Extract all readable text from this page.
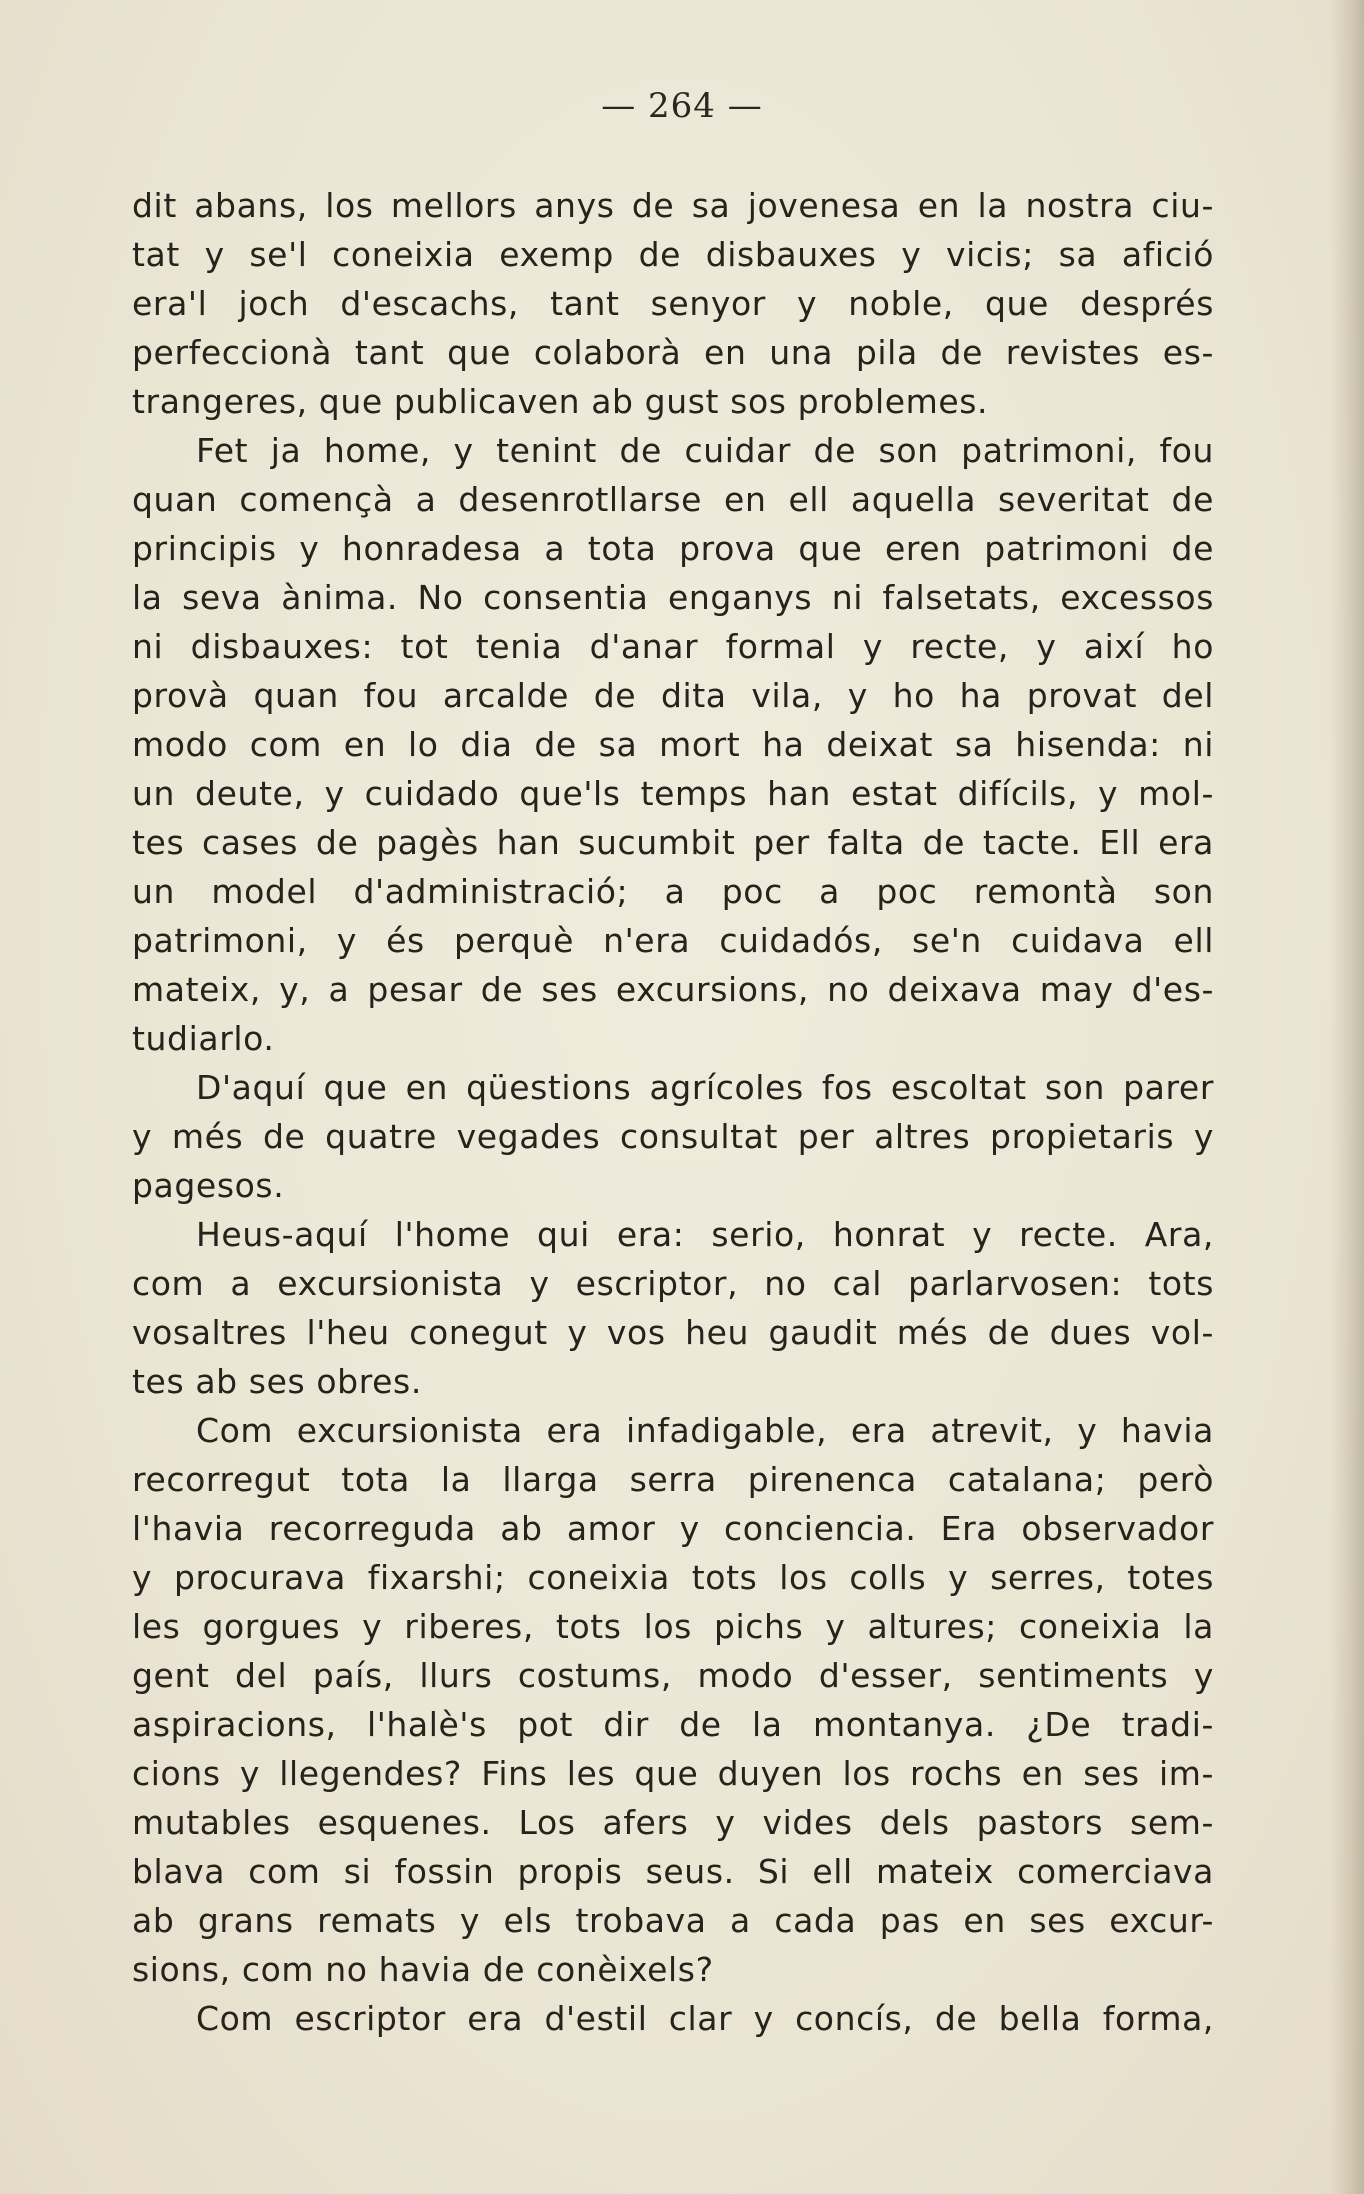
— 264 —
dit abans, los mellors anys de sa jovenesa en la nostra ciu-
tat y se'l coneixia exemp de disbauxes y vicis; sa afició
era'l joch d'escachs, tant senyor y noble, que després
perfeccionà tant que colaborà en una pila de revistes es-
trangeres, que publicaven ab gust sos problemes.
Fet ja home, y tenint de cuidar de son patrimoni, fou
quan començà a desenrotllarse en ell aquella severitat de
principis y honradesa a tota prova que eren patrimoni de
la seva ànima. No consentia enganys ni falsetats, excessos
ni disbauxes: tot tenia d'anar formal y recte, y així ho
provà quan fou arcalde de dita vila, y ho ha provat del
modo com en lo dia de sa mort ha deixat sa hisenda: ni
un deute, y cuidado que'ls temps han estat difícils, y mol-
tes cases de pagès han sucumbit per falta de tacte. Ell era
un model d'administració; a poc a poc remontà son
patrimoni, y és perquè n'era cuidadós, se'n cuidava ell
mateix, y, a pesar de ses excursions, no deixava may d'es-
tudiarlo.
D'aquí que en qüestions agrícoles fos escoltat son parer
y més de quatre vegades consultat per altres propietaris y
pagesos.
Heus-aquí l'home qui era: serio, honrat y recte. Ara,
com a excursionista y escriptor, no cal parlarvosen: tots
vosaltres l'heu conegut y vos heu gaudit més de dues vol-
tes ab ses obres.
Com excursionista era infadigable, era atrevit, y havia
recorregut tota la llarga serra pirenenca catalana; però
l'havia recorreguda ab amor y conciencia. Era observador
y procurava fixarshi; coneixia tots los colls y serres, totes
les gorgues y riberes, tots los pichs y altures; coneixia la
gent del país, llurs costums, modo d'esser, sentiments y
aspiracions, l'halè's pot dir de la montanya. ¿De tradi-
cions y llegendes? Fins les que duyen los rochs en ses im-
mutables esquenes. Los afers y vides dels pastors sem-
blava com si fossin propis seus. Si ell mateix comerciava
ab grans remats y els trobava a cada pas en ses excur-
sions, com no havia de conèixels?
Com escriptor era d'estil clar y concís, de bella forma,
